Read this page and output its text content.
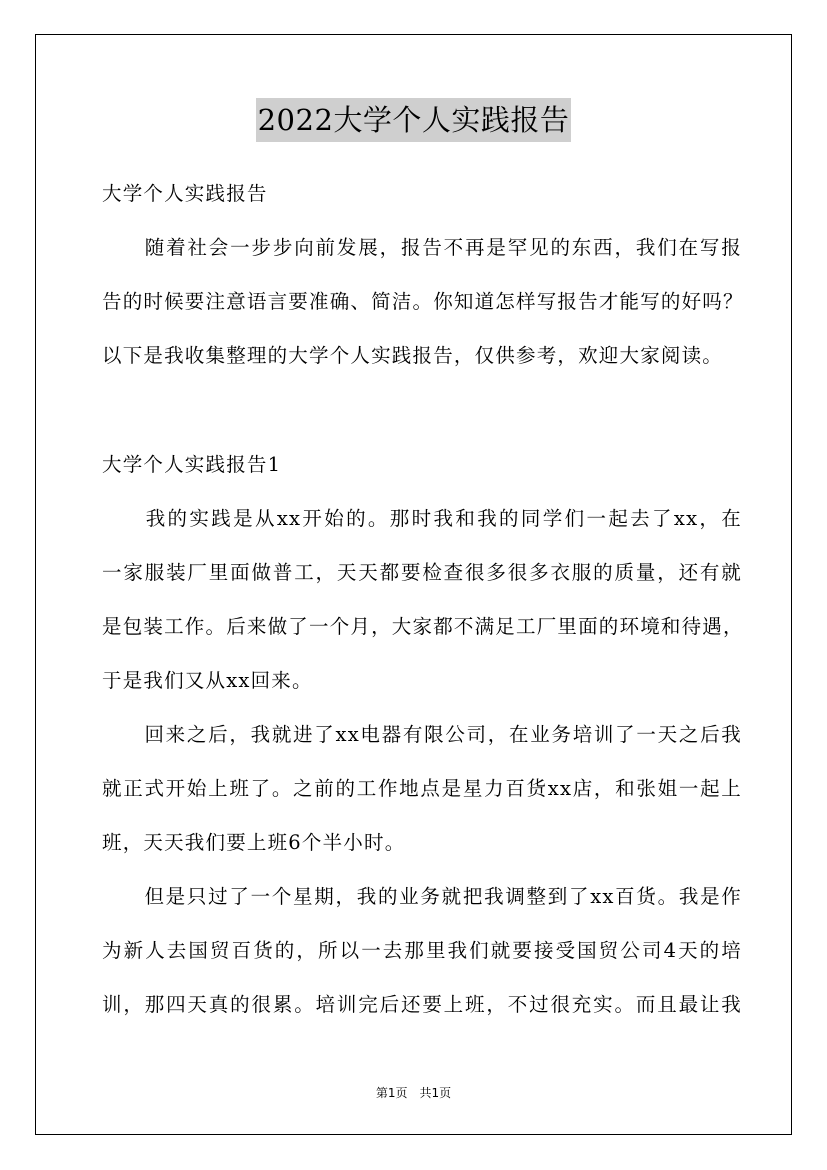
2022大学个人实践报告
大学个人实践报告
　　随着社会一步步向前发展，报告不再是罕见的东西，我们在写报
告的时候要注意语言要准确、简洁。你知道怎样写报告才能写的好吗？
以下是我收集整理的大学个人实践报告，仅供参考，欢迎大家阅读。
大学个人实践报告1
　　我的实践是从xx开始的。那时我和我的同学们一起去了xx，在
一家服装厂里面做普工，天天都要检查很多很多衣服的质量，还有就
是包装工作。后来做了一个月，大家都不满足工厂里面的环境和待遇，
于是我们又从xx回来。
　　回来之后，我就进了xx电器有限公司，在业务培训了一天之后我
就正式开始上班了。之前的工作地点是星力百货xx店，和张姐一起上
班，天天我们要上班6个半小时。
　　但是只过了一个星期，我的业务就把我调整到了xx百货。我是作
为新人去国贸百货的，所以一去那里我们就要接受国贸公司4天的培
训，那四天真的很累。培训完后还要上班，不过很充实。而且最让我
第1页　共1页
